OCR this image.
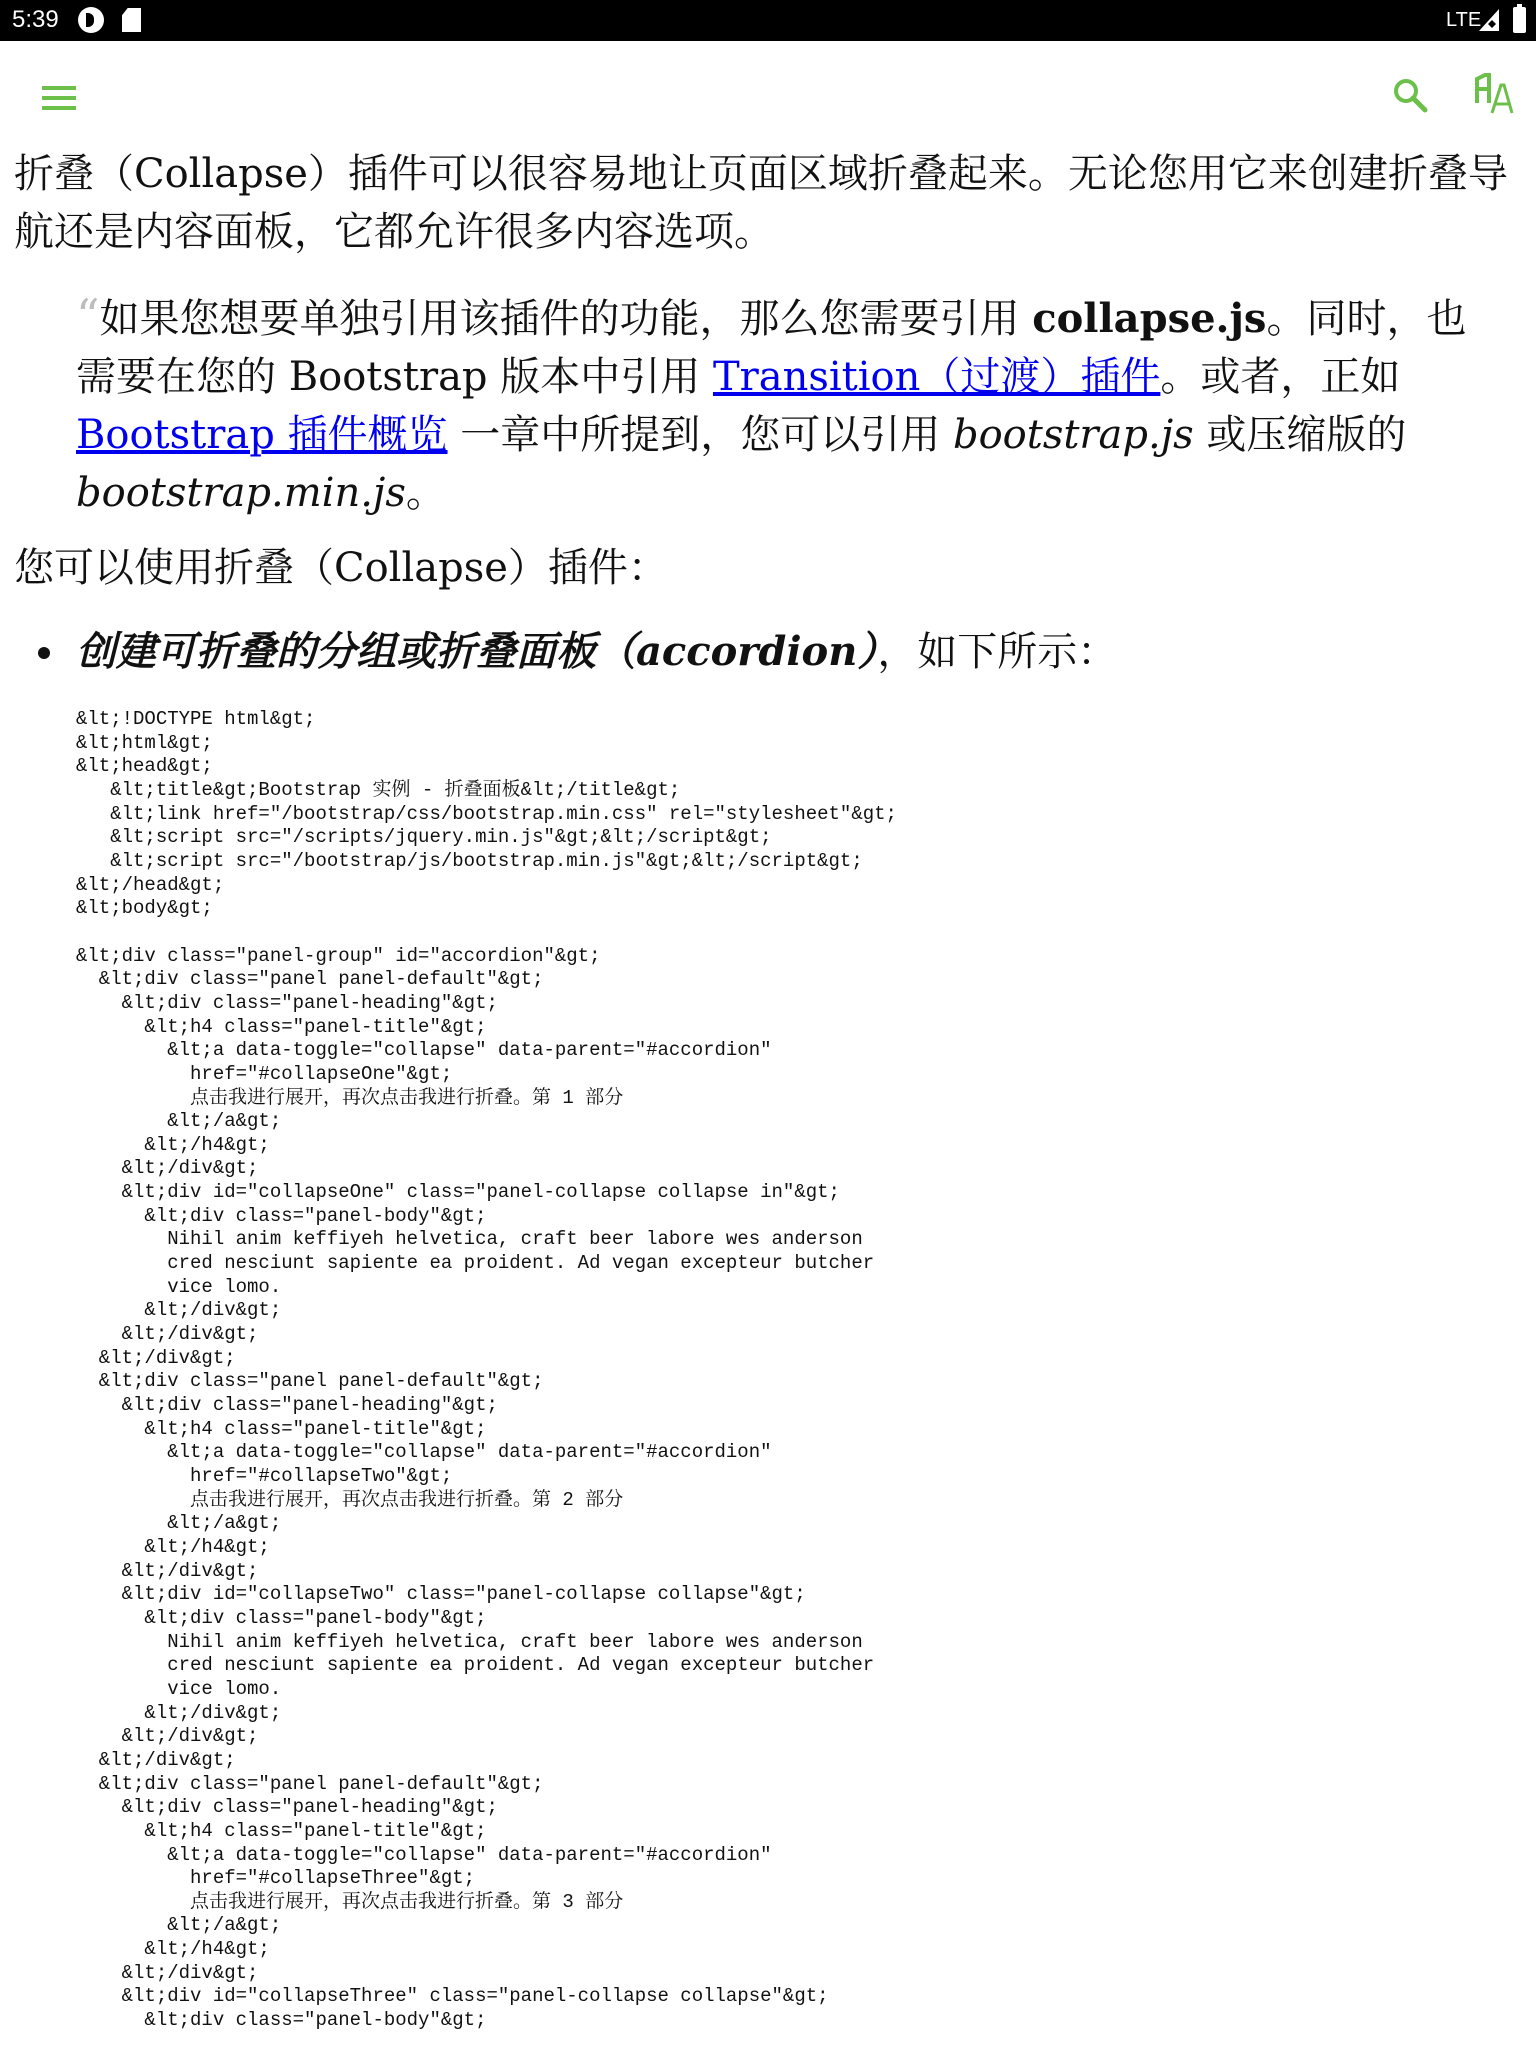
5:39	LTE

折叠（Collapse）插件可以很容易地让页面区域折叠起来。无论您用它来创建折叠导航还是内容面板，它都允许很多内容选项。

“如果您想要单独引用该插件的功能，那么您需要引用 collapse.js。同时，也需要在您的 Bootstrap 版本中引用 Transition（过渡）插件。或者，正如 Bootstrap 插件概览 一章中所提到，您可以引用 bootstrap.js 或压缩版的 bootstrap.min.js。

您可以使用折叠（Collapse）插件：

创建可折叠的分组或折叠面板（accordion），如下所示：
&lt;!DOCTYPE html&gt;
&lt;html&gt;
&lt;head&gt;
&lt;title&gt;Bootstrap 实例 - 折叠面板&lt;/title&gt;
&lt;link href="/bootstrap/css/bootstrap.min.css" rel="stylesheet"&gt;
&lt;script src="/scripts/jquery.min.js"&gt;&lt;/script&gt;
&lt;script src="/bootstrap/js/bootstrap.min.js"&gt;&lt;/script&gt;
&lt;/head&gt;
&lt;body&gt;

&lt;div class="panel-group" id="accordion"&gt;
&lt;div class="panel panel-default"&gt;
&lt;div class="panel-heading"&gt;
&lt;h4 class="panel-title"&gt;
&lt;a data-toggle="collapse" data-parent="#accordion"
href="#collapseOne"&gt;
点击我进行展开，再次点击我进行折叠。第 1 部分
&lt;/a&gt;
&lt;/h4&gt;
&lt;/div&gt;
&lt;div id="collapseOne" class="panel-collapse collapse in"&gt;
&lt;div class="panel-body"&gt;
Nihil anim keffiyeh helvetica, craft beer labore wes anderson
cred nesciunt sapiente ea proident. Ad vegan excepteur butcher
vice lomo.
&lt;/div&gt;
&lt;/div&gt;
&lt;/div&gt;
&lt;div class="panel panel-default"&gt;
&lt;div class="panel-heading"&gt;
&lt;h4 class="panel-title"&gt;
&lt;a data-toggle="collapse" data-parent="#accordion"
href="#collapseTwo"&gt;
点击我进行展开，再次点击我进行折叠。第 2 部分
&lt;/a&gt;
&lt;/h4&gt;
&lt;/div&gt;
&lt;div id="collapseTwo" class="panel-collapse collapse"&gt;
&lt;div class="panel-body"&gt;
Nihil anim keffiyeh helvetica, craft beer labore wes anderson
cred nesciunt sapiente ea proident. Ad vegan excepteur butcher
vice lomo.
&lt;/div&gt;
&lt;/div&gt;
&lt;/div&gt;
&lt;div class="panel panel-default"&gt;
&lt;div class="panel-heading"&gt;
&lt;h4 class="panel-title"&gt;
&lt;a data-toggle="collapse" data-parent="#accordion"
href="#collapseThree"&gt;
点击我进行展开，再次点击我进行折叠。第 3 部分
&lt;/a&gt;
&lt;/h4&gt;
&lt;/div&gt;
&lt;div id="collapseThree" class="panel-collapse collapse"&gt;
&lt;div class="panel-body"&gt;
